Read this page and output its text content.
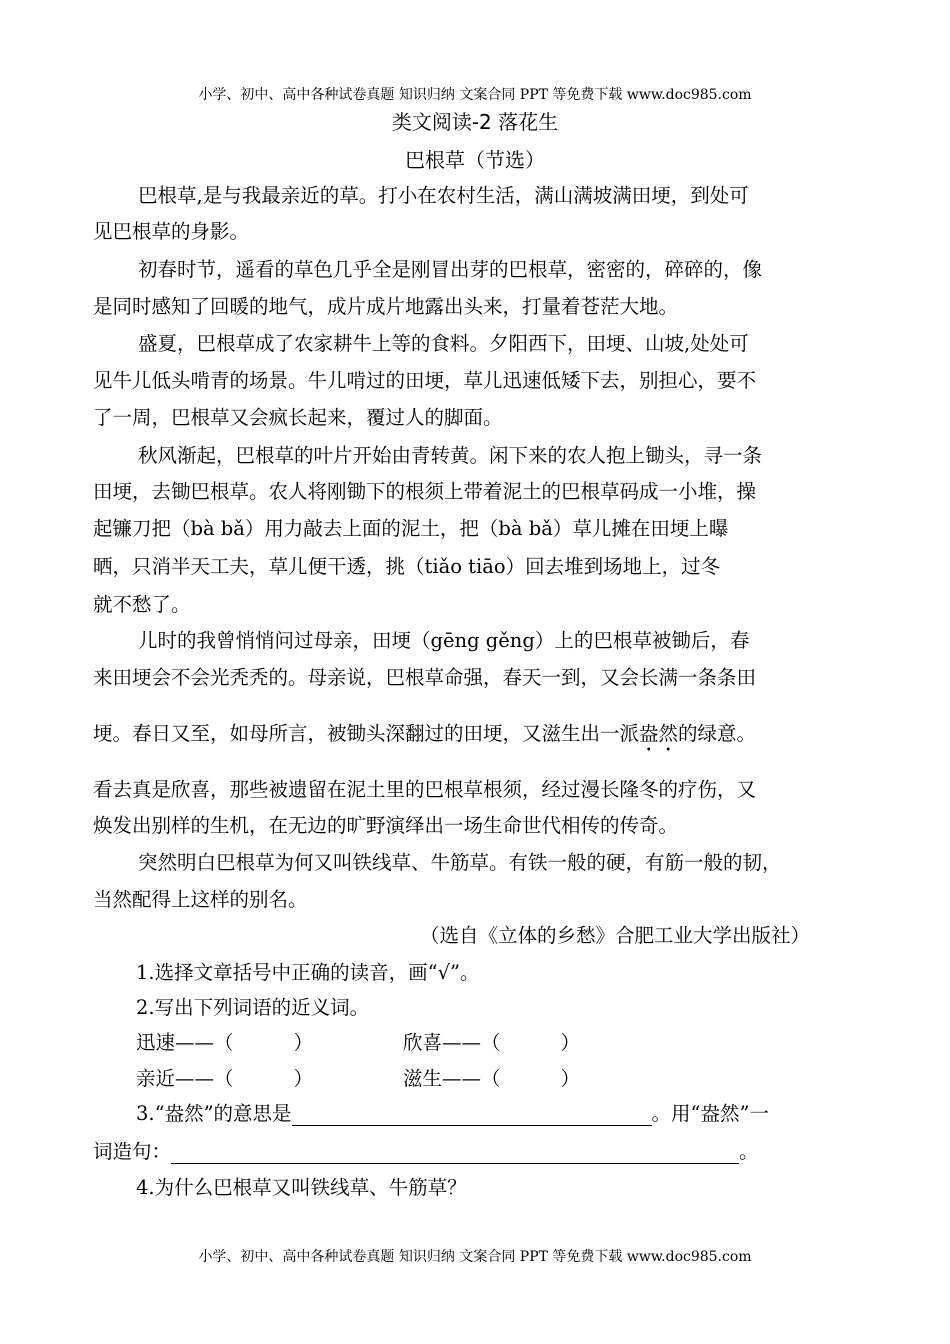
小学、初中、高中各种试卷真题 知识归纳 文案合同 PPT 等免费下载 www.doc985.com
类文阅读-2 落花生
巴根草（节选）
巴根草,是与我最亲近的草。打小在农村生活，满山满坡满田埂，到处可
见巴根草的身影。
初春时节，遥看的草色几乎全是刚冒出芽的巴根草，密密的，碎碎的，像
是同时感知了回暖的地气，成片成片地露出头来，打量着苍茫大地。
盛夏，巴根草成了农家耕牛上等的食料。夕阳西下，田埂、山坡,处处可
见牛儿低头啃青的场景。牛儿啃过的田埂，草儿迅速低矮下去，别担心，要不
了一周，巴根草又会疯长起来，覆过人的脚面。
秋风渐起，巴根草的叶片开始由青转黄。闲下来的农人抱上锄头，寻一条
田埂，去锄巴根草。农人将刚锄下的根须上带着泥土的巴根草码成一小堆，操
起镰刀把（bà bǎ）用力敲去上面的泥土，把（bà bǎ）草儿摊在田埂上曝
晒，只消半天工夫，草儿便干透，挑（tiǎo tiāo）回去堆到场地上，过冬
就不愁了。
儿时的我曾悄悄问过母亲，田埂（gēng gěng）上的巴根草被锄后，春
来田埂会不会光秃秃的。母亲说，巴根草命强，春天一到，又会长满一条条田
埂。春日又至，如母所言，被锄头深翻过的田埂，又滋生出一派盎然的绿意。
看去真是欣喜，那些被遗留在泥土里的巴根草根须，经过漫长隆冬的疗伤，又
焕发出别样的生机，在无边的旷野演绎出一场生命世代相传的传奇。
突然明白巴根草为何又叫铁线草、牛筋草。有铁一般的硬，有筋一般的韧，
当然配得上这样的别名。
（选自《立体的乡愁》合肥工业大学出版社）
1.选择文章括号中正确的读音，画“√”。
2.写出下列词语的近义词。
迅速——（	）	欣喜——（	）
亲近——（	）	滋生——（	）
3.“盎然”的意思是	。用“盎然”一
词造句：	。
4.为什么巴根草又叫铁线草、牛筋草？
小学、初中、高中各种试卷真题 知识归纳 文案合同 PPT 等免费下载 www.doc985.com
